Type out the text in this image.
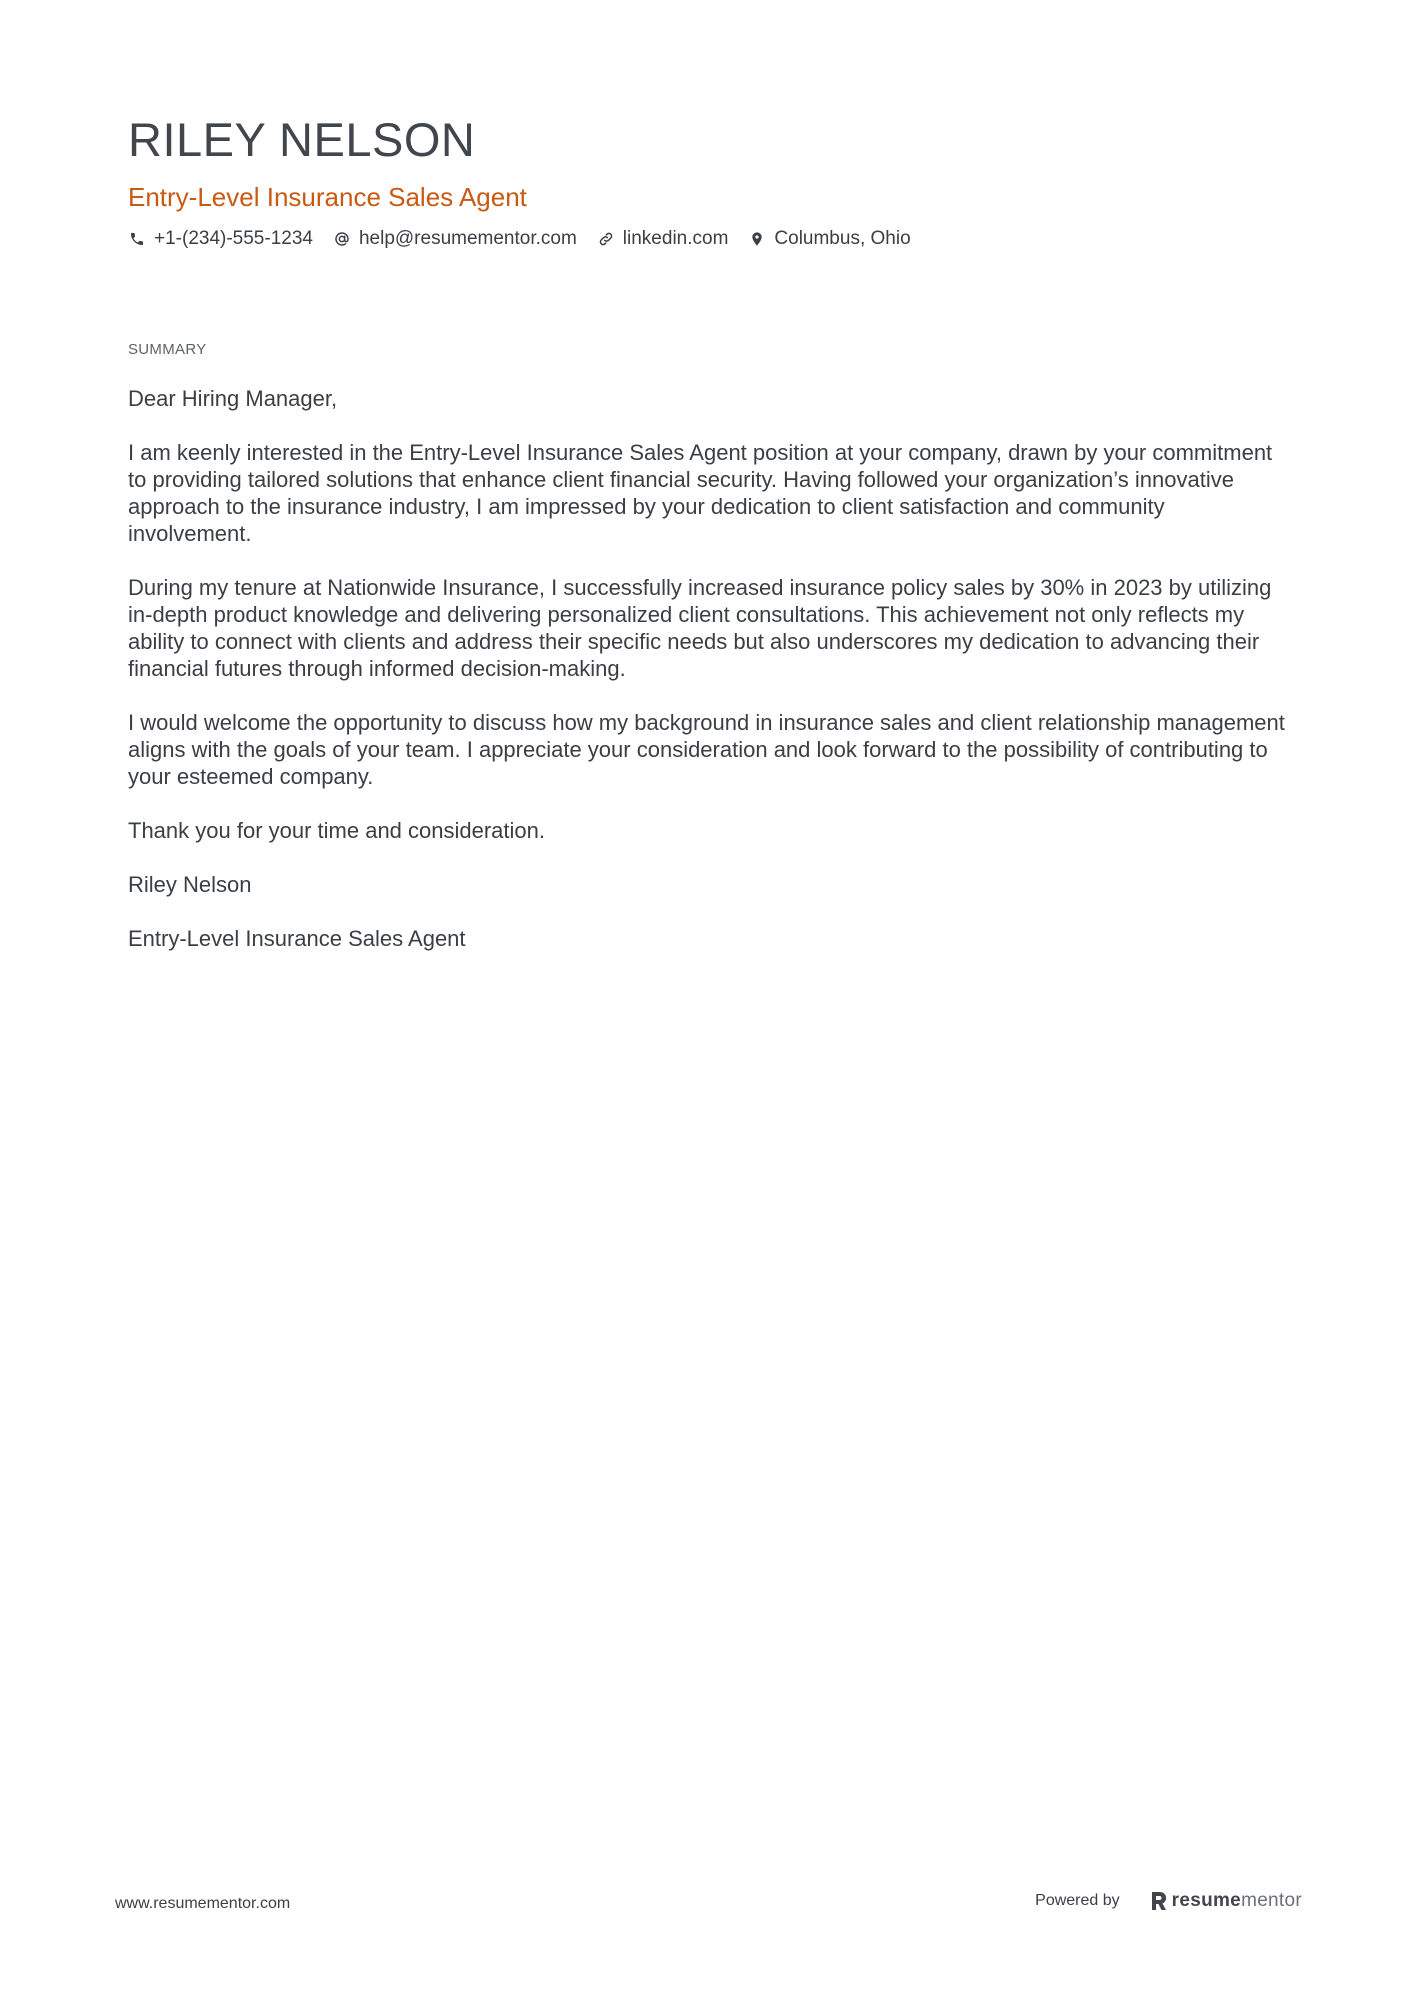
RILEY NELSON
Entry-Level Insurance Sales Agent
+1-(234)-555-1234 help@resumementor.com linkedin.com Columbus, Ohio
SUMMARY

Dear Hiring Manager,

I am keenly interested in the Entry-Level Insurance Sales Agent position at your company, drawn by your commitment to providing tailored solutions that enhance client financial security. Having followed your organization’s innovative approach to the insurance industry, I am impressed by your dedication to client satisfaction and community involvement.

During my tenure at Nationwide Insurance, I successfully increased insurance policy sales by 30% in 2023 by utilizing in-depth product knowledge and delivering personalized client consultations. This achievement not only reflects my ability to connect with clients and address their specific needs but also underscores my dedication to advancing their financial futures through informed decision-making.

I would welcome the opportunity to discuss how my background in insurance sales and client relationship management aligns with the goals of your team. I appreciate your consideration and look forward to the possibility of contributing to your esteemed company.

Thank you for your time and consideration.

Riley Nelson

Entry-Level Insurance Sales Agent

www.resumementor.com	Powered by	resumementor
